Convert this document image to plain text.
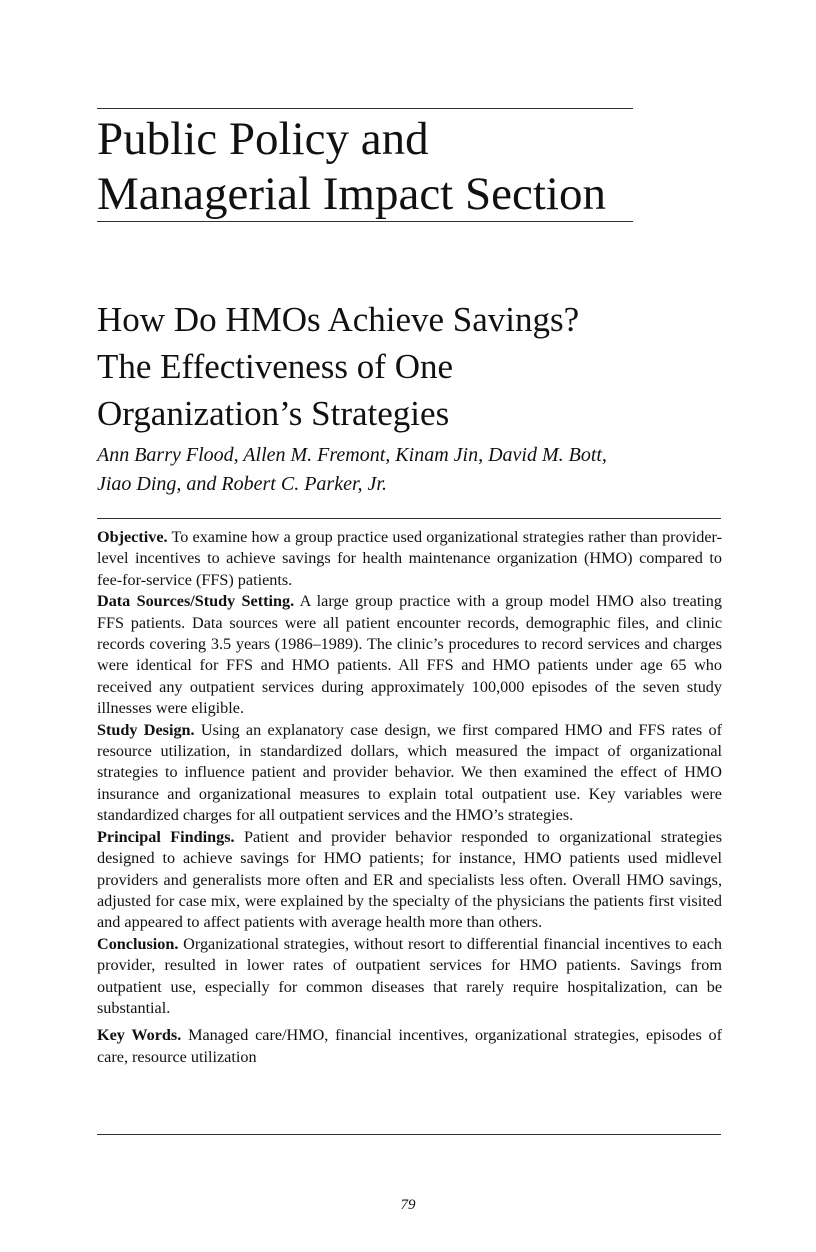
Public Policy and
Managerial Impact Section
How Do HMOs Achieve Savings?
The Effectiveness of One
Organization’s Strategies

Ann Barry Flood, Allen M. Fremont, Kinam Jin, David M. Bott,
Jiao Ding, and Robert C. Parker, Jr.

Objective. To examine how a group practice used organizational strategies rather than provider-level incentives to achieve savings for health maintenance organization (HMO) compared to fee-for-service (FFS) patients.

Data Sources/Study Setting. A large group practice with a group model HMO also treating FFS patients. Data sources were all patient encounter records, demographic files, and clinic records covering 3.5 years (1986–1989). The clinic’s procedures to record services and charges were identical for FFS and HMO patients. All FFS and HMO patients under age 65 who received any outpatient services during approximately 100,000 episodes of the seven study illnesses were eligible.

Study Design. Using an explanatory case design, we first compared HMO and FFS rates of resource utilization, in standardized dollars, which measured the impact of organizational strategies to influence patient and provider behavior. We then examined the effect of HMO insurance and organizational measures to explain total outpatient use. Key variables were standardized charges for all outpatient services and the HMO’s strategies.

Principal Findings. Patient and provider behavior responded to organizational strategies designed to achieve savings for HMO patients; for instance, HMO patients used midlevel providers and generalists more often and ER and specialists less often. Overall HMO savings, adjusted for case mix, were explained by the specialty of the physicians the patients first visited and appeared to affect patients with average health more than others.

Conclusion. Organizational strategies, without resort to differential financial incentives to each provider, resulted in lower rates of outpatient services for HMO patients. Savings from outpatient use, especially for common diseases that rarely require hospitalization, can be substantial.

Key Words. Managed care/HMO, financial incentives, organizational strategies, episodes of care, resource utilization

79
